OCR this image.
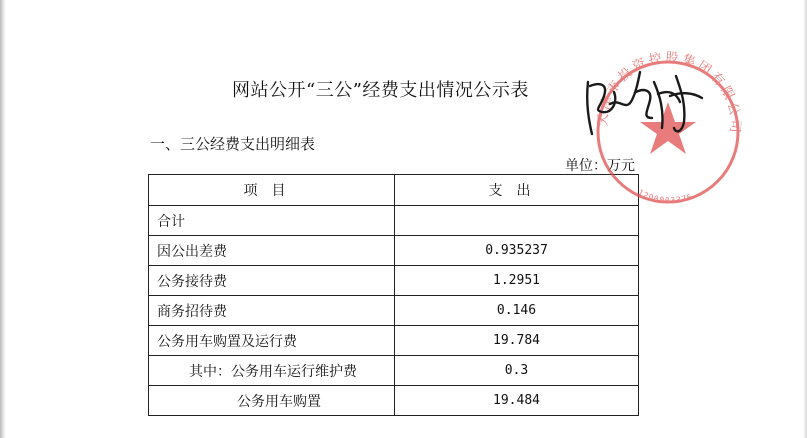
网站公开“三公”经费支出情况公示表
一、三公经费支出明细表
单位：万元
项目	支出
合计	
因公出差费	0.935237
公务接待费	1.2951
商务招待费	0.146
公务用车购置及运行费	19.784
其中：公务用车运行维护费	0.3
公务用车购置	19.484
天津市投资控股集团有限公司
1200003376
